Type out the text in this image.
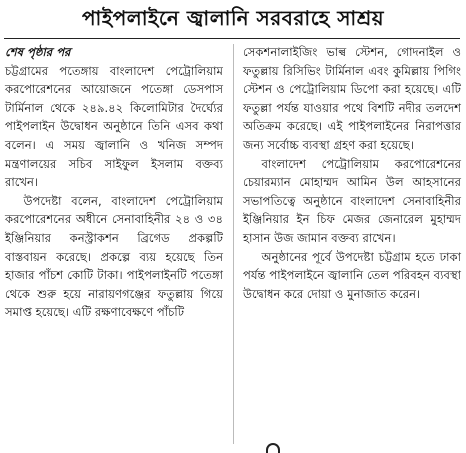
পাইপলাইনে জ্বালানি সরবরাহে সাশ্রয়

শেষ পৃষ্ঠার পর

চট্টগ্রামের পতেঙ্গায় বাংলাদেশ পেট্রোলিয়াম করপোরেশনের আয়োজনে পতেঙ্গা ডেসপাস টার্মিনাল থেকে ২৪৯.৪২ কিলোমিটার দৈর্ঘ্যের পাইপলাইন উদ্বোধন অনুষ্ঠানে তিনি এসব কথা বলেন। এ সময় জ্বালানি ও খনিজ সম্পদ মন্ত্রণালয়ের সচিব সাইফুল ইসলাম বক্তব্য রাখেন।

উপদেষ্টা বলেন, বাংলাদেশ পেট্রোলিয়াম করপোরেশনের অধীনে সেনাবাহিনীর ২৪ ও ৩৪ ইঞ্জিনিয়ার কনস্ট্রাকশন ব্রিগেড প্রকল্পটি বাস্তবায়ন করেছে। প্রকল্পে ব্যয় হয়েছে তিন হাজার পাঁচশ কোটি টাকা। পাইপলাইনটি পতেঙ্গা থেকে শুরু হয়ে নারায়ণগঞ্জের ফতুল্লায় গিয়ে সমাপ্ত হয়েছে। এটি রক্ষণাবেক্ষণে পাঁচটি

সেকশনালাইজিং ভাল্ব স্টেশন, গোদনাইল ও ফতুল্লায় রিসিভিং টার্মিনাল এবং কুমিল্লায় পিগিং স্টেশন ও পেট্রোলিয়াম ডিপো করা হয়েছে। এটি ফতুল্লা পর্যন্ত যাওয়ার পথে বিশটি নদীর তলদেশ অতিক্রম করেছে। এই পাইপলাইনের নিরাপত্তার জন্য সর্বোচ্চ ব্যবস্থা গ্রহণ করা হয়েছে।

বাংলাদেশ পেট্রোলিয়াম করপোরেশনের চেয়ারম্যান মোহাম্মদ আমিন উল আহসানের সভাপতিত্বে অনুষ্ঠানে বাংলাদেশ সেনাবাহিনীর ইঞ্জিনিয়ার ইন চিফ মেজর জেনারেল মুহাম্মদ হাসান উজ জামান বক্তব্য রাখেন।

অনুষ্ঠানের পূর্বে উপদেষ্টা চট্টগ্রাম হতে ঢাকা পর্যন্ত পাইপলাইনে জ্বালানি তেল পরিবহন ব্যবস্থা উদ্বোধন করে দোয়া ও মুনাজাত করেন।
